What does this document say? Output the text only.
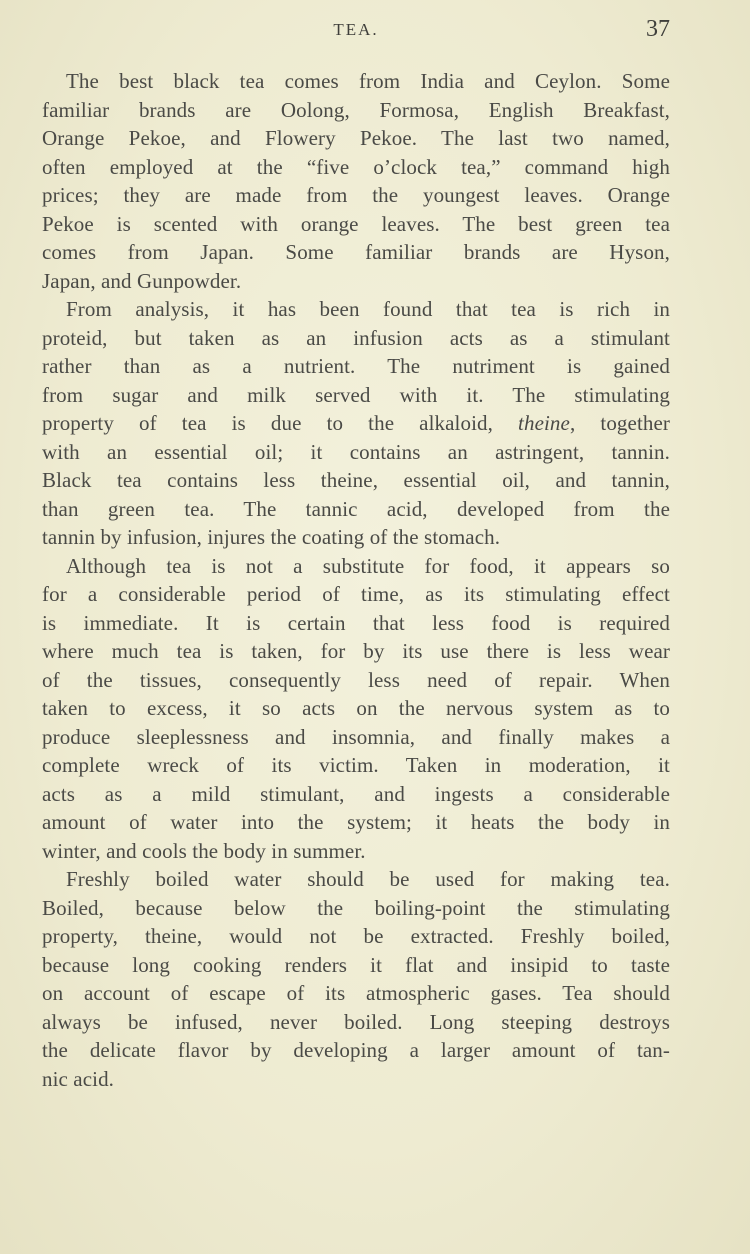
TEA.	37
The best black tea comes from India and Ceylon. Some
familiar brands are Oolong, Formosa, English Breakfast,
Orange Pekoe, and Flowery Pekoe. The last two named,
often employed at the “five o’clock tea,” command high
prices; they are made from the youngest leaves. Orange
Pekoe is scented with orange leaves. The best green tea
comes from Japan. Some familiar brands are Hyson,
Japan, and Gunpowder.
From analysis, it has been found that tea is rich in
proteid, but taken as an infusion acts as a stimulant
rather than as a nutrient. The nutriment is gained
from sugar and milk served with it. The stimulating
property of tea is due to the alkaloid, theine, together
with an essential oil; it contains an astringent, tannin.
Black tea contains less theine, essential oil, and tannin,
than green tea. The tannic acid, developed from the
tannin by infusion, injures the coating of the stomach.
Although tea is not a substitute for food, it appears so
for a considerable period of time, as its stimulating effect
is immediate. It is certain that less food is required
where much tea is taken, for by its use there is less wear
of the tissues, consequently less need of repair. When
taken to excess, it so acts on the nervous system as to
produce sleeplessness and insomnia, and finally makes a
complete wreck of its victim. Taken in moderation, it
acts as a mild stimulant, and ingests a considerable
amount of water into the system; it heats the body in
winter, and cools the body in summer.
Freshly boiled water should be used for making tea.
Boiled, because below the boiling-point the stimulating
property, theine, would not be extracted. Freshly boiled,
because long cooking renders it flat and insipid to taste
on account of escape of its atmospheric gases. Tea should
always be infused, never boiled. Long steeping destroys
the delicate flavor by developing a larger amount of tan-
nic acid.
